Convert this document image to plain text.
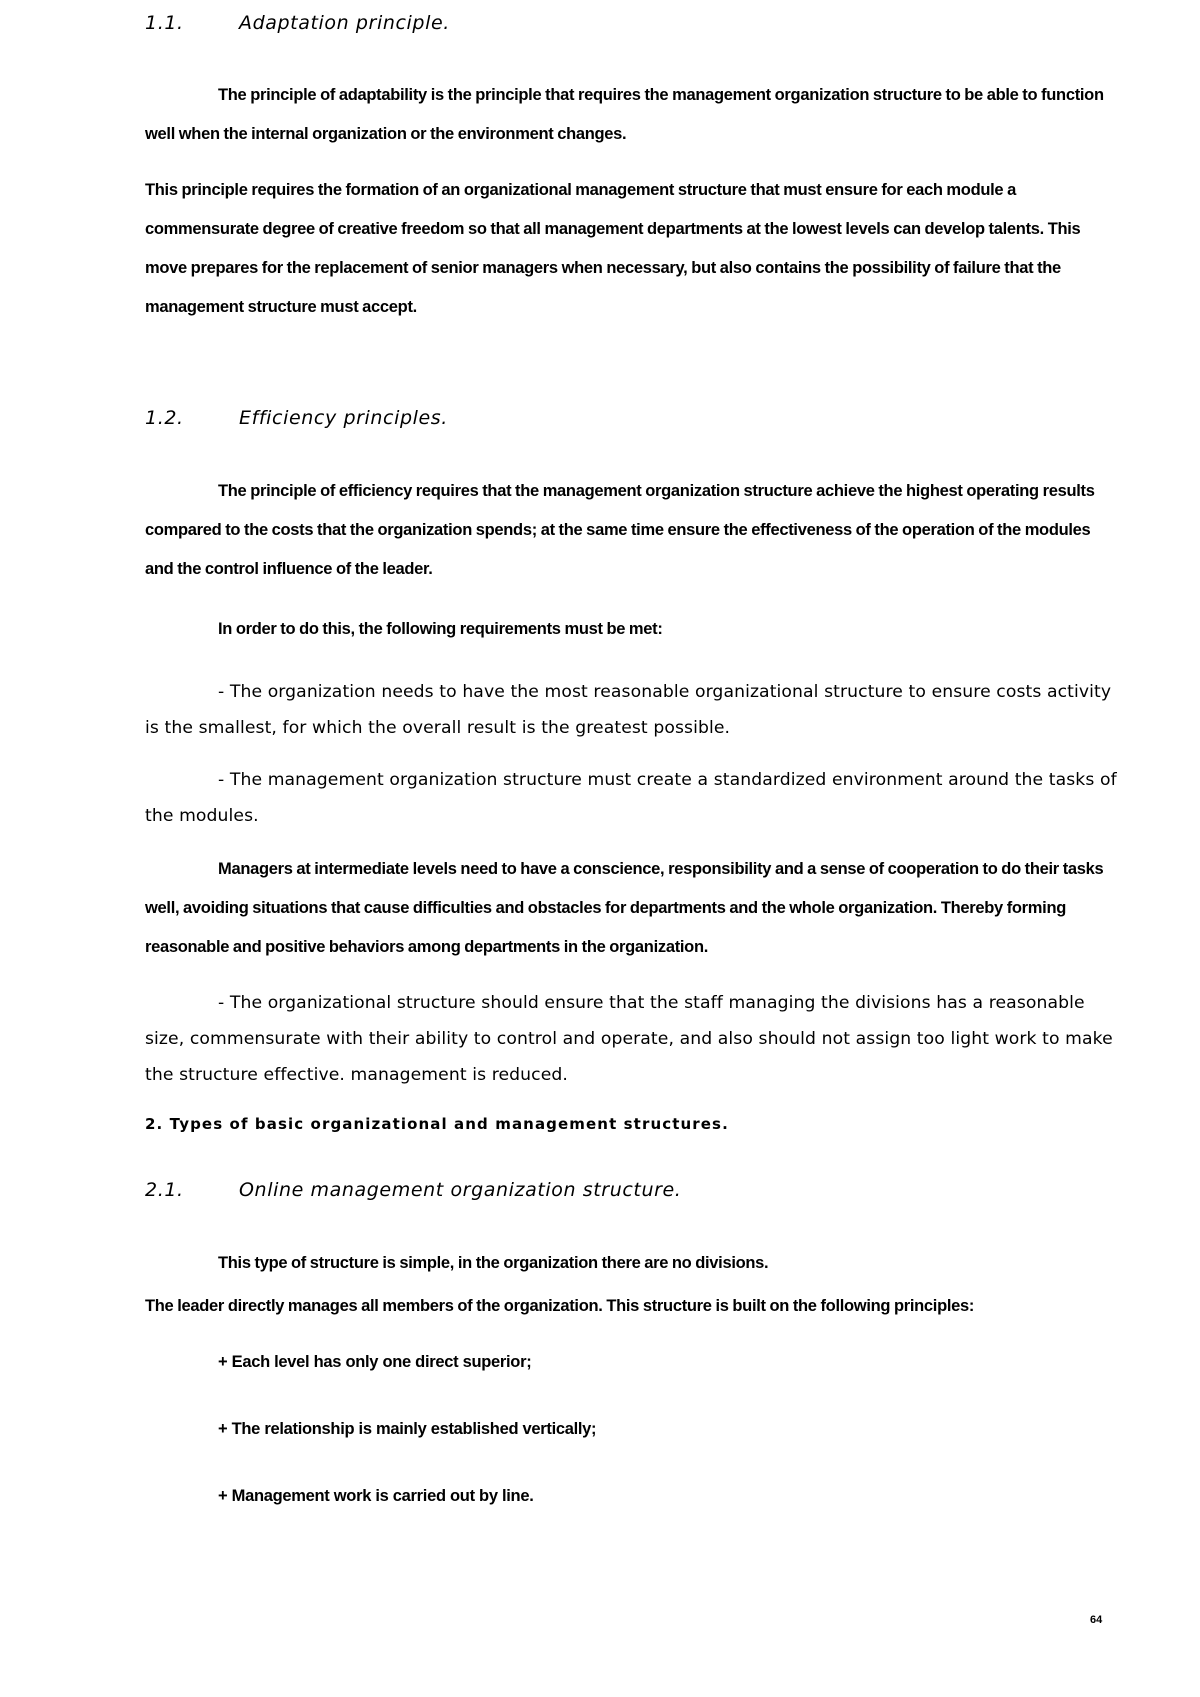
1.1.	Adaptation principle.
The principle of adaptability is the principle that requires the management organization structure to be able to function well when the internal organization or the environment changes.
This principle requires the formation of an organizational management structure that must ensure for each module a commensurate degree of creative freedom so that all management departments at the lowest levels can develop talents. This move prepares for the replacement of senior managers when necessary, but also contains the possibility of failure that the management structure must accept.
1.2.	Efficiency principles.
The principle of efficiency requires that the management organization structure achieve the highest operating results compared to the costs that the organization spends; at the same time ensure the effectiveness of the operation of the modules and the control influence of the leader.
In order to do this, the following requirements must be met:
- The organization needs to have the most reasonable organizational structure to ensure costs activity is the smallest, for which the overall result is the greatest possible.
- The management organization structure must create a standardized environment around the tasks of the modules.
Managers at intermediate levels need to have a conscience, responsibility and a sense of cooperation to do their tasks well, avoiding situations that cause difficulties and obstacles for departments and the whole organization. Thereby forming reasonable and positive behaviors among departments in the organization.
- The organizational structure should ensure that the staff managing the divisions has a reasonable size, commensurate with their ability to control and operate, and also should not assign too light work to make the structure effective. management is reduced.
2. Types of basic organizational and management structures.
2.1.	Online management organization structure.
This type of structure is simple, in the organization there are no divisions.
The leader directly manages all members of the organization. This structure is built on the following principles:
+ Each level has only one direct superior;
+ The relationship is mainly established vertically;
+ Management work is carried out by line.
64
